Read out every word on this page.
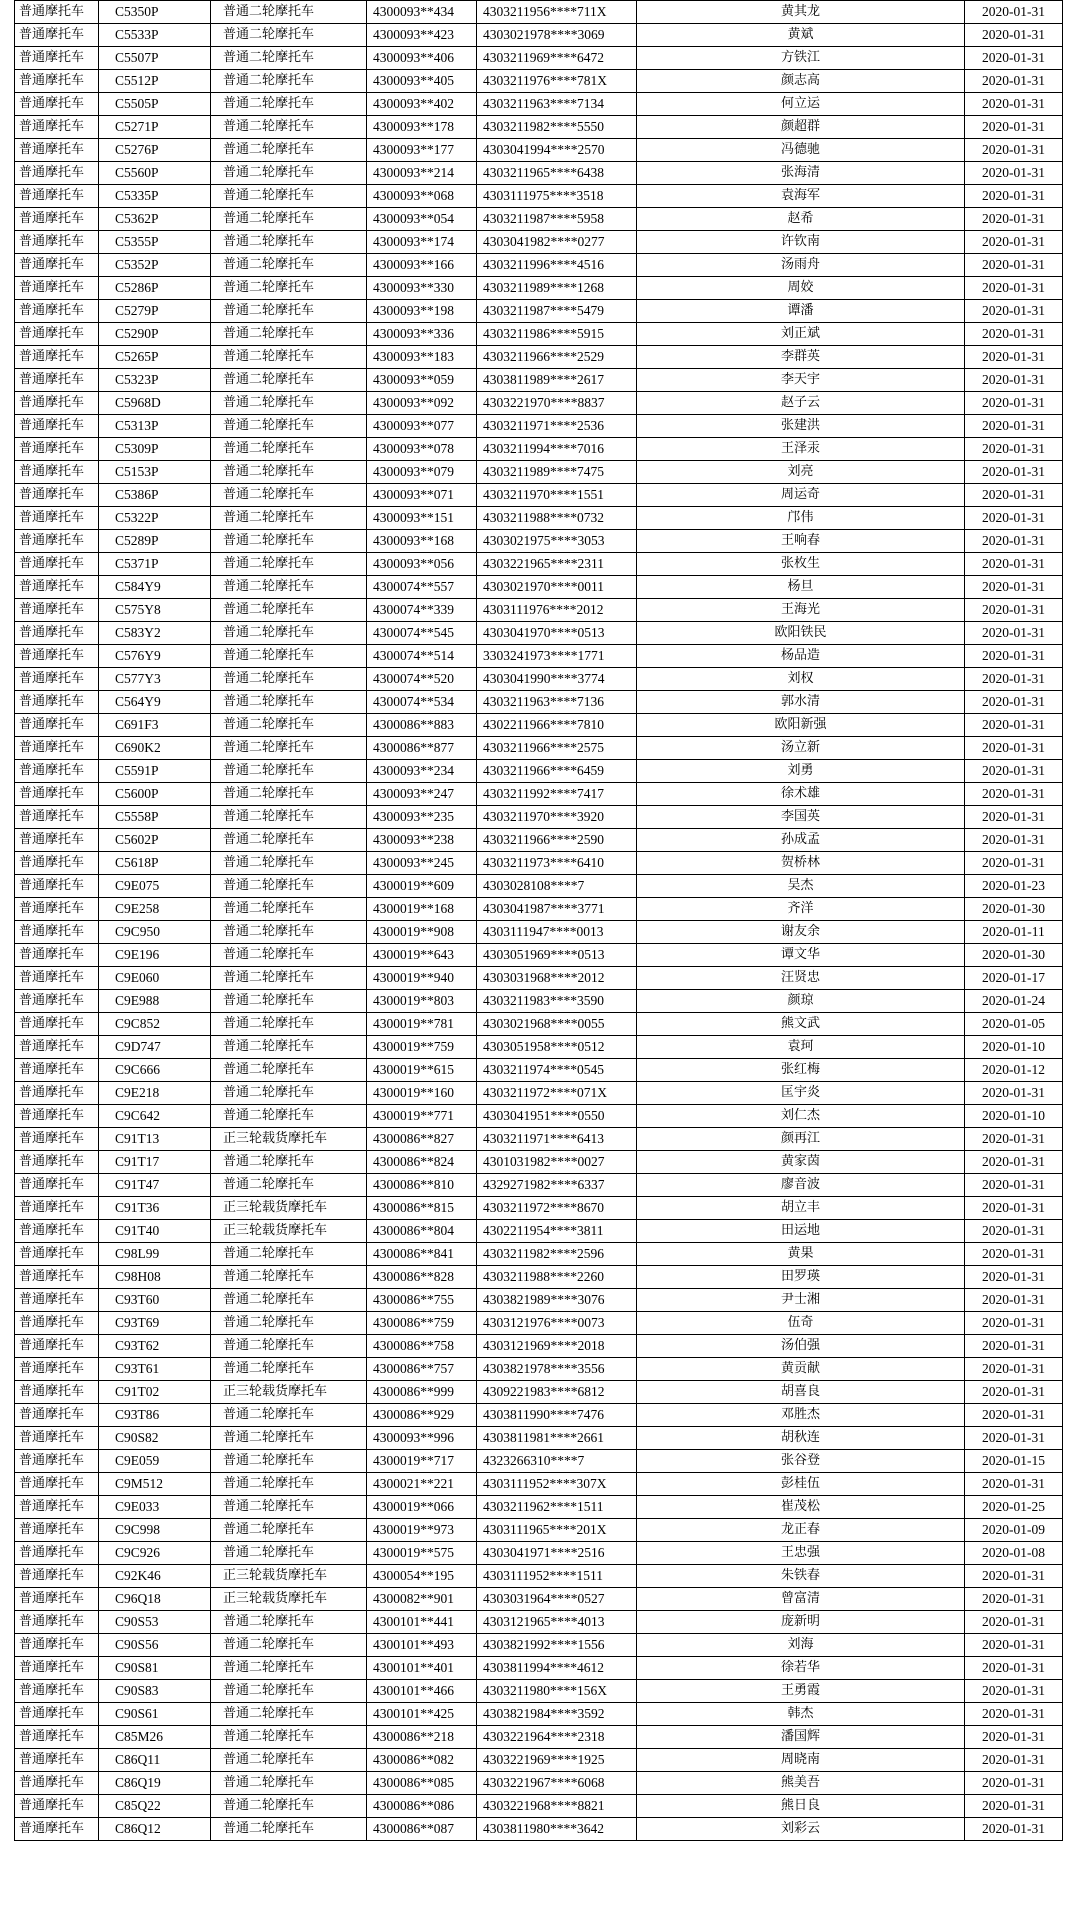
普通摩托车	C5350P	普通二轮摩托车	4300093**434	4303211956****711X	黄其龙	2020-01-31
普通摩托车	C5533P	普通二轮摩托车	4300093**423	4303021978****3069	黄斌	2020-01-31
普通摩托车	C5507P	普通二轮摩托车	4300093**406	4303211969****6472	方铁江	2020-01-31
普通摩托车	C5512P	普通二轮摩托车	4300093**405	4303211976****781X	颜志高	2020-01-31
普通摩托车	C5505P	普通二轮摩托车	4300093**402	4303211963****7134	何立运	2020-01-31
普通摩托车	C5271P	普通二轮摩托车	4300093**178	4303211982****5550	颜超群	2020-01-31
普通摩托车	C5276P	普通二轮摩托车	4300093**177	4303041994****2570	冯德驰	2020-01-31
普通摩托车	C5560P	普通二轮摩托车	4300093**214	4303211965****6438	张海清	2020-01-31
普通摩托车	C5335P	普通二轮摩托车	4300093**068	4303111975****3518	袁海军	2020-01-31
普通摩托车	C5362P	普通二轮摩托车	4300093**054	4303211987****5958	赵希	2020-01-31
普通摩托车	C5355P	普通二轮摩托车	4300093**174	4303041982****0277	许钦南	2020-01-31
普通摩托车	C5352P	普通二轮摩托车	4300093**166	4303211996****4516	汤雨舟	2020-01-31
普通摩托车	C5286P	普通二轮摩托车	4300093**330	4303211989****1268	周姣	2020-01-31
普通摩托车	C5279P	普通二轮摩托车	4300093**198	4303211987****5479	谭潘	2020-01-31
普通摩托车	C5290P	普通二轮摩托车	4300093**336	4303211986****5915	刘正斌	2020-01-31
普通摩托车	C5265P	普通二轮摩托车	4300093**183	4303211966****2529	李群英	2020-01-31
普通摩托车	C5323P	普通二轮摩托车	4300093**059	4303811989****2617	李天宇	2020-01-31
普通摩托车	C5968D	普通二轮摩托车	4300093**092	4303221970****8837	赵子云	2020-01-31
普通摩托车	C5313P	普通二轮摩托车	4300093**077	4303211971****2536	张建洪	2020-01-31
普通摩托车	C5309P	普通二轮摩托车	4300093**078	4303211994****7016	王泽汞	2020-01-31
普通摩托车	C5153P	普通二轮摩托车	4300093**079	4303211989****7475	刘亮	2020-01-31
普通摩托车	C5386P	普通二轮摩托车	4300093**071	4303211970****1551	周运奇	2020-01-31
普通摩托车	C5322P	普通二轮摩托车	4300093**151	4303211988****0732	邝伟	2020-01-31
普通摩托车	C5289P	普通二轮摩托车	4300093**168	4303021975****3053	王响春	2020-01-31
普通摩托车	C5371P	普通二轮摩托车	4300093**056	4303221965****2311	张枚生	2020-01-31
普通摩托车	C584Y9	普通二轮摩托车	4300074**557	4303021970****0011	杨旦	2020-01-31
普通摩托车	C575Y8	普通二轮摩托车	4300074**339	4303111976****2012	王海光	2020-01-31
普通摩托车	C583Y2	普通二轮摩托车	4300074**545	4303041970****0513	欧阳铁民	2020-01-31
普通摩托车	C576Y9	普通二轮摩托车	4300074**514	3303241973****1771	杨品造	2020-01-31
普通摩托车	C577Y3	普通二轮摩托车	4300074**520	4303041990****3774	刘权	2020-01-31
普通摩托车	C564Y9	普通二轮摩托车	4300074**534	4303211963****7136	郭水清	2020-01-31
普通摩托车	C691F3	普通二轮摩托车	4300086**883	4302211966****7810	欧阳新强	2020-01-31
普通摩托车	C690K2	普通二轮摩托车	4300086**877	4303211966****2575	汤立新	2020-01-31
普通摩托车	C5591P	普通二轮摩托车	4300093**234	4303211966****6459	刘勇	2020-01-31
普通摩托车	C5600P	普通二轮摩托车	4300093**247	4303211992****7417	徐术雄	2020-01-31
普通摩托车	C5558P	普通二轮摩托车	4300093**235	4303211970****3920	李国英	2020-01-31
普通摩托车	C5602P	普通二轮摩托车	4300093**238	4303211966****2590	孙成孟	2020-01-31
普通摩托车	C5618P	普通二轮摩托车	4300093**245	4303211973****6410	贺桥林	2020-01-31
普通摩托车	C9E075	普通二轮摩托车	4300019**609	4303028108****7	吴杰	2020-01-23
普通摩托车	C9E258	普通二轮摩托车	4300019**168	4303041987****3771	齐洋	2020-01-30
普通摩托车	C9C950	普通二轮摩托车	4300019**908	4303111947****0013	谢友余	2020-01-11
普通摩托车	C9E196	普通二轮摩托车	4300019**643	4303051969****0513	谭文华	2020-01-30
普通摩托车	C9E060	普通二轮摩托车	4300019**940	4303031968****2012	汪贤忠	2020-01-17
普通摩托车	C9E988	普通二轮摩托车	4300019**803	4303211983****3590	颜琼	2020-01-24
普通摩托车	C9C852	普通二轮摩托车	4300019**781	4303021968****0055	熊文武	2020-01-05
普通摩托车	C9D747	普通二轮摩托车	4300019**759	4303051958****0512	袁珂	2020-01-10
普通摩托车	C9C666	普通二轮摩托车	4300019**615	4303211974****0545	张红梅	2020-01-12
普通摩托车	C9E218	普通二轮摩托车	4300019**160	4303211972****071X	匡宇炎	2020-01-31
普通摩托车	C9C642	普通二轮摩托车	4300019**771	4303041951****0550	刘仁杰	2020-01-10
普通摩托车	C91T13	正三轮载货摩托车	4300086**827	4303211971****6413	颜再江	2020-01-31
普通摩托车	C91T17	普通二轮摩托车	4300086**824	4301031982****0027	黄家茵	2020-01-31
普通摩托车	C91T47	普通二轮摩托车	4300086**810	4329271982****6337	廖音波	2020-01-31
普通摩托车	C91T36	正三轮载货摩托车	4300086**815	4303211972****8670	胡立丰	2020-01-31
普通摩托车	C91T40	正三轮载货摩托车	4300086**804	4302211954****3811	田运地	2020-01-31
普通摩托车	C98L99	普通二轮摩托车	4300086**841	4303211982****2596	黄果	2020-01-31
普通摩托车	C98H08	普通二轮摩托车	4300086**828	4303211988****2260	田罗瑛	2020-01-31
普通摩托车	C93T60	普通二轮摩托车	4300086**755	4303821989****3076	尹士湘	2020-01-31
普通摩托车	C93T69	普通二轮摩托车	4300086**759	4303121976****0073	伍奇	2020-01-31
普通摩托车	C93T62	普通二轮摩托车	4300086**758	4303121969****2018	汤伯强	2020-01-31
普通摩托车	C93T61	普通二轮摩托车	4300086**757	4303821978****3556	黄贡献	2020-01-31
普通摩托车	C91T02	正三轮载货摩托车	4300086**999	4309221983****6812	胡喜良	2020-01-31
普通摩托车	C93T86	普通二轮摩托车	4300086**929	4303811990****7476	邓胜杰	2020-01-31
普通摩托车	C90S82	普通二轮摩托车	4300093**996	4303811981****2661	胡秋连	2020-01-31
普通摩托车	C9E059	普通二轮摩托车	4300019**717	4323266310****7	张谷登	2020-01-15
普通摩托车	C9M512	普通二轮摩托车	4300021**221	4303111952****307X	彭桂伍	2020-01-31
普通摩托车	C9E033	普通二轮摩托车	4300019**066	4303211962****1511	崔茂松	2020-01-25
普通摩托车	C9C998	普通二轮摩托车	4300019**973	4303111965****201X	龙正春	2020-01-09
普通摩托车	C9C926	普通二轮摩托车	4300019**575	4303041971****2516	王忠强	2020-01-08
普通摩托车	C92K46	正三轮载货摩托车	4300054**195	4303111952****1511	朱铁春	2020-01-31
普通摩托车	C96Q18	正三轮载货摩托车	4300082**901	4303031964****0527	曾富清	2020-01-31
普通摩托车	C90S53	普通二轮摩托车	4300101**441	4303121965****4013	庞新明	2020-01-31
普通摩托车	C90S56	普通二轮摩托车	4300101**493	4303821992****1556	刘海	2020-01-31
普通摩托车	C90S81	普通二轮摩托车	4300101**401	4303811994****4612	徐若华	2020-01-31
普通摩托车	C90S83	普通二轮摩托车	4300101**466	4303211980****156X	王勇霞	2020-01-31
普通摩托车	C90S61	普通二轮摩托车	4300101**425	4303821984****3592	韩杰	2020-01-31
普通摩托车	C85M26	普通二轮摩托车	4300086**218	4303221964****2318	潘国辉	2020-01-31
普通摩托车	C86Q11	普通二轮摩托车	4300086**082	4303221969****1925	周晓南	2020-01-31
普通摩托车	C86Q19	普通二轮摩托车	4300086**085	4303221967****6068	熊美吾	2020-01-31
普通摩托车	C85Q22	普通二轮摩托车	4300086**086	4303221968****8821	熊日良	2020-01-31
普通摩托车	C86Q12	普通二轮摩托车	4300086**087	4303811980****3642	刘彩云	2020-01-31
